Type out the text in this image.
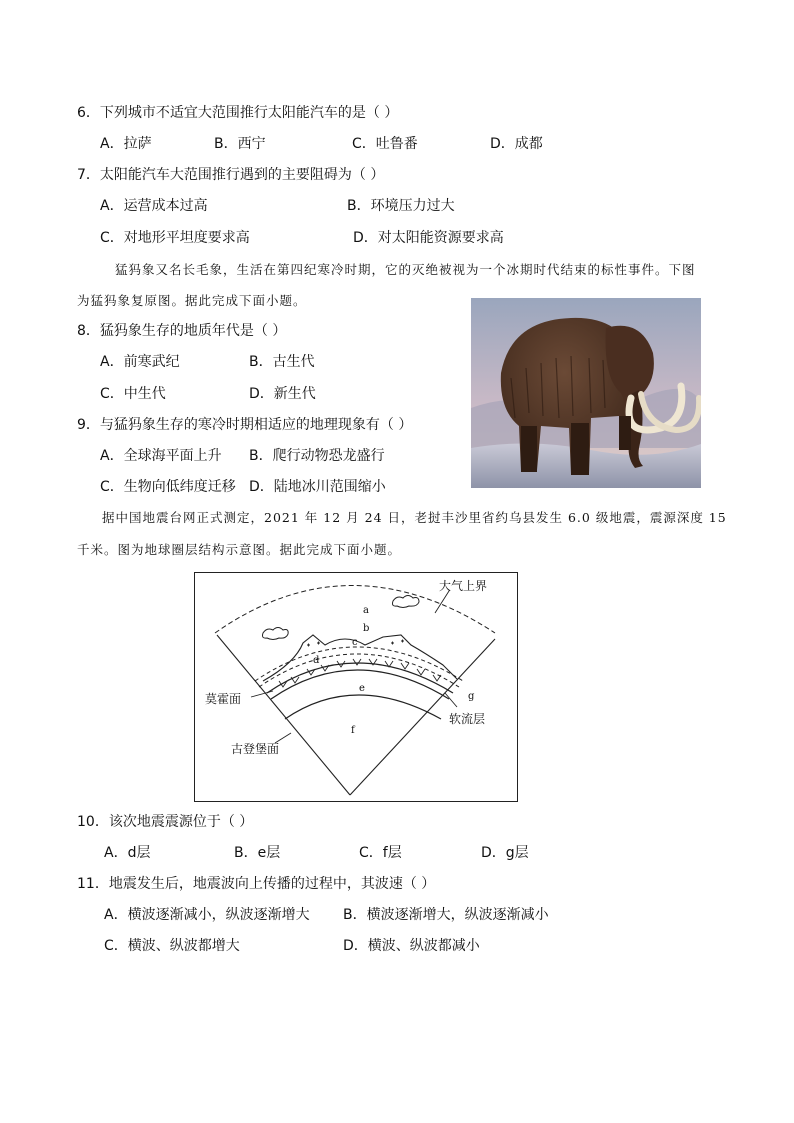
6．下列城市不适宜大范围推行太阳能汽车的是（ ）
A．拉萨	B．西宁	C．吐鲁番	D．成都
7．太阳能汽车大范围推行遇到的主要阻碍为（ ）
A．运营成本过高	B．环境压力过大
C．对地形平坦度要求高	D．对太阳能资源要求高
猛犸象又名长毛象，生活在第四纪寒冷时期，它的灭绝被视为一个冰期时代结束的标性事件。下图
为猛犸象复原图。据此完成下面小题。
8．猛犸象生存的地质年代是（ ）
A．前寒武纪	B．古生代
C．中生代	D．新生代
9．与猛犸象生存的寒冷时期相适应的地理现象有（ ）
A．全球海平面上升 B．爬行动物恐龙盛行
C．生物向低纬度迁移 D．陆地冰川范围缩小
据中国地震台网正式测定，2021 年 12 月 24 日，老挝丰沙里省约乌县发生 6.0 级地震，震源深度 15
千米。图为地球圈层结构示意图。据此完成下面小题。
a
b
c
d
e
f
g
大气上界
莫霍面
古登堡面
软流层
10．该次地震震源位于（ ）
A．d层	B．e层	C．f层	D．g层
11．地震发生后，地震波向上传播的过程中，其波速（ ）
A．横波逐渐减小，纵波逐渐增大 B．横波逐渐增大，纵波逐渐减小
C．横波、纵波都增大	D．横波、纵波都减小
